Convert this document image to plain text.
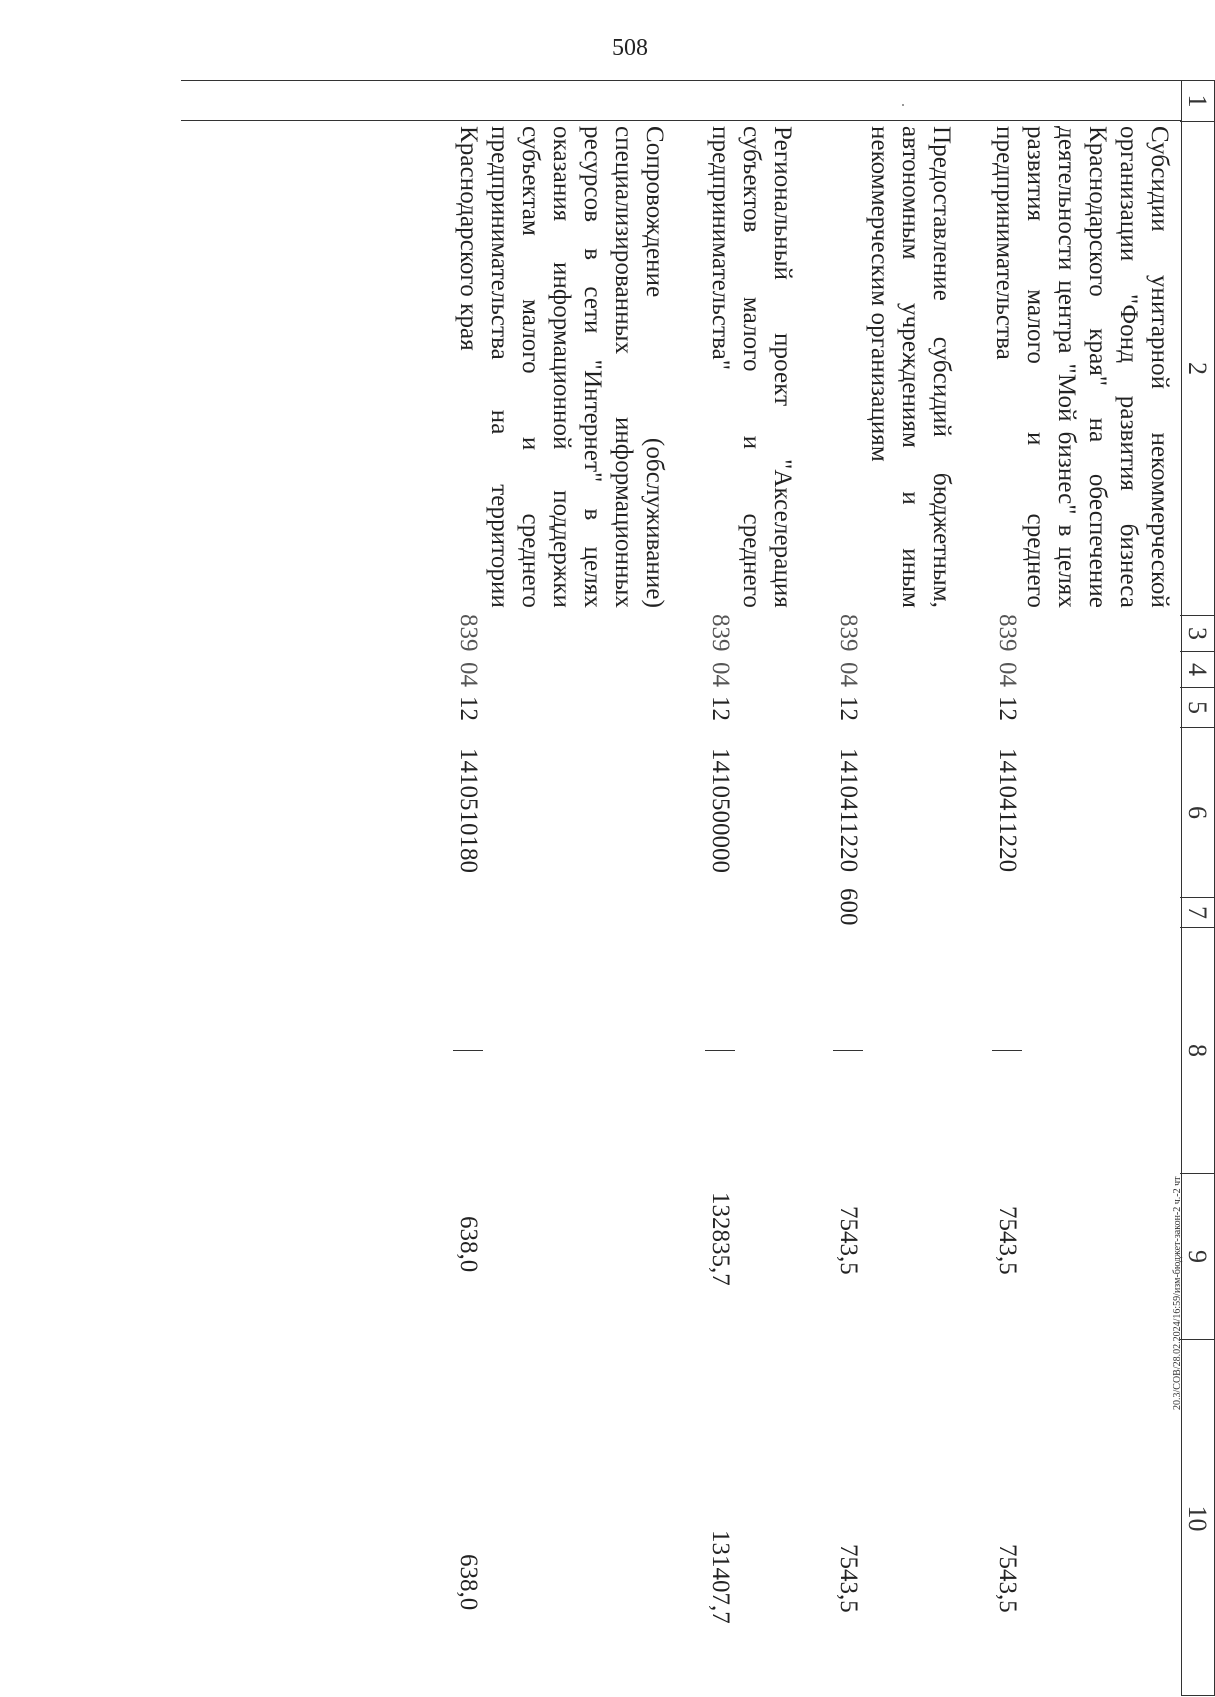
508
1
2
3
4
5
6
7
8
9
10
Субсидии унитарной некоммерческой организации "Фонд развития бизнеса Краснодарского края" на обеспечение деятельности центра "Мой бизнес" в целях развития малого и среднего предпринимательства
839
04
12
1410411220
7543,5
7543,5
Предоставление субсидий бюджетным, автономным учреждениям и иным некоммерческим организациям
839
04
12
1410411220
600
7543,5
7543,5
Региональный проект "Акселерация субъектов малого и среднего предпринимательства"
839
04
12
1410500000
132835,7
131407,7
Сопровождение (обслуживание) специализированных информационных ресурсов в сети "Интернет" в целях оказания информационной поддержки субъектам малого и среднего предпринимательства на территории Краснодарского края
839
04
12
1410510180
638,0
638,0
20.3/СОВ/28.02.2024/16:59/изм-бюджет-закон-2 ч.-2 чт
